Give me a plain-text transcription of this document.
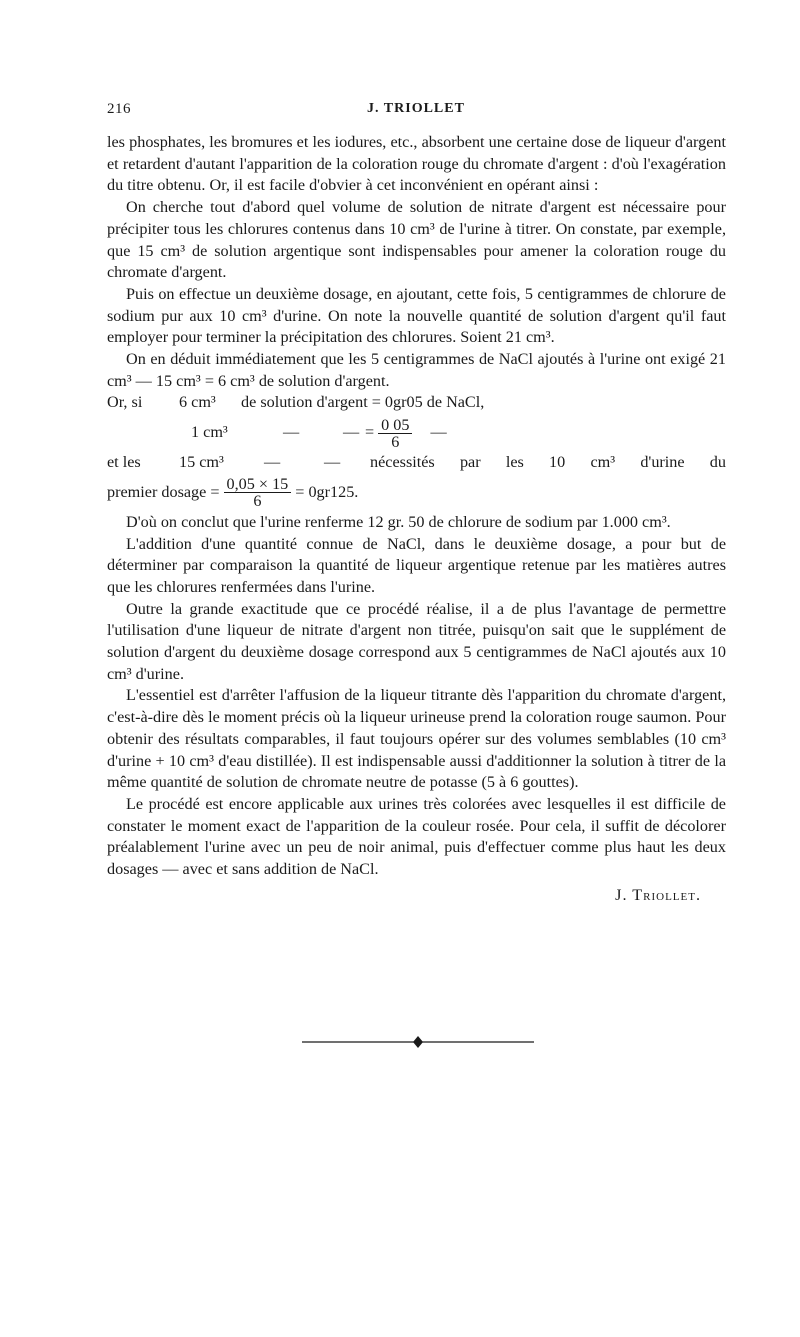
216	J. TRIOLLET

les phosphates, les bromures et les iodures, etc., absorbent une certaine dose de liqueur d'argent et retardent d'autant l'apparition de la coloration rouge du chromate d'argent : d'où l'exagération du titre obtenu. Or, il est facile d'obvier à cet inconvénient en opérant ainsi :

On cherche tout d'abord quel volume de solution de nitrate d'argent est nécessaire pour précipiter tous les chlorures contenus dans 10 cm³ de l'urine à titrer. On constate, par exemple, que 15 cm³ de solution argentique sont indispensables pour amener la coloration rouge du chromate d'argent.

Puis on effectue un deuxième dosage, en ajoutant, cette fois, 5 centigrammes de chlorure de sodium pur aux 10 cm³ d'urine. On note la nouvelle quantité de solution d'argent qu'il faut employer pour terminer la précipitation des chlorures. Soient 21 cm³.

On en déduit immédiatement que les 5 centigrammes de NaCl ajoutés à l'urine ont exigé 21 cm³ — 15 cm³ = 6 cm³ de solution d'argent.

Or, si	6 cm³	de solution d'argent = 0gr05 de NaCl,
1 cm³	—	— = $\frac{0 05}{6}$ —
et les	15 cm³	—	—	nécessités par les 10 cm³ d'urine du
premier dosage = $\frac{0,05 \times 15}{6} = 0gr125$.

D'où on conclut que l'urine renferme 12 gr. 50 de chlorure de sodium par 1.000 cm³.

L'addition d'une quantité connue de NaCl, dans le deuxième dosage, a pour but de déterminer par comparaison la quantité de liqueur argentique retenue par les matières autres que les chlorures renfermées dans l'urine.

Outre la grande exactitude que ce procédé réalise, il a de plus l'avantage de permettre l'utilisation d'une liqueur de nitrate d'argent non titrée, puisqu'on sait que le supplément de solution d'argent du deuxième dosage correspond aux 5 centigrammes de NaCl ajoutés aux 10 cm³ d'urine.

L'essentiel est d'arrêter l'affusion de la liqueur titrante dès l'apparition du chromate d'argent, c'est-à-dire dès le moment précis où la liqueur urineuse prend la coloration rouge saumon. Pour obtenir des résultats comparables, il faut toujours opérer sur des volumes semblables (10 cm³ d'urine + 10 cm³ d'eau distillée). Il est indispensable aussi d'additionner la solution à titrer de la même quantité de solution de chromate neutre de potasse (5 à 6 gouttes).

Le procédé est encore applicable aux urines très colorées avec lesquelles il est difficile de constater le moment exact de l'apparition de la couleur rosée. Pour cela, il suffit de décolorer préalablement l'urine avec un peu de noir animal, puis d'effectuer comme plus haut les deux dosages — avec et sans addition de NaCl.

J. Triollet.
